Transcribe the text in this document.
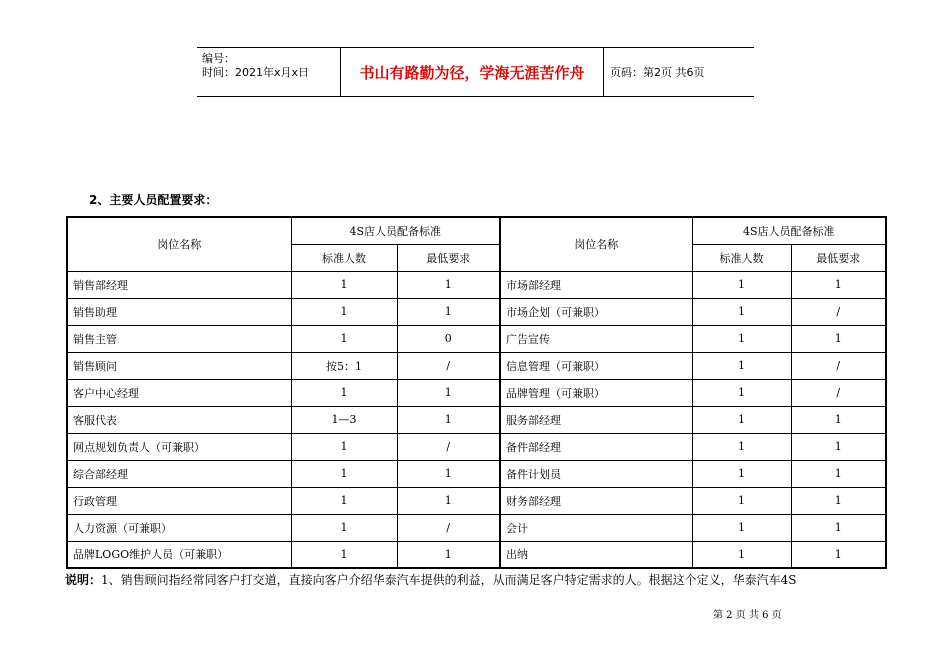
编号：
时间：2021年x月x日	书山有路勤为径，学海无涯苦作舟	页码：第2页 共6页
2、主要人员配置要求：
岗位名称	4S店人员配备标准		岗位名称	4S店人员配备标准	
	标准人数	最低要求		标准人数	最低要求
销售部经理	1	1	市场部经理	1	1
销售助理	1	1	市场企划（可兼职）	1	/
销售主管	1	0	广告宣传	1	1
销售顾问	按5：1	/	信息管理（可兼职）	1	/
客户中心经理	1	1	品牌管理（可兼职）	1	/
客服代表	1—3	1	服务部经理	1	1
网点规划负责人（可兼职）	1	/	备件部经理	1	1
综合部经理	1	1	备件计划员	1	1
行政管理	1	1	财务部经理	1	1
人力资源（可兼职）	1	/	会计	1	1
品牌LOGO维护人员（可兼职）	1	1	出纳	1	1
说明：1、销售顾问指经常同客户打交道，直接向客户介绍华泰汽车提供的利益，从而满足客户特定需求的人。根据这个定义，华泰汽车4S
第 2 页 共 6 页
